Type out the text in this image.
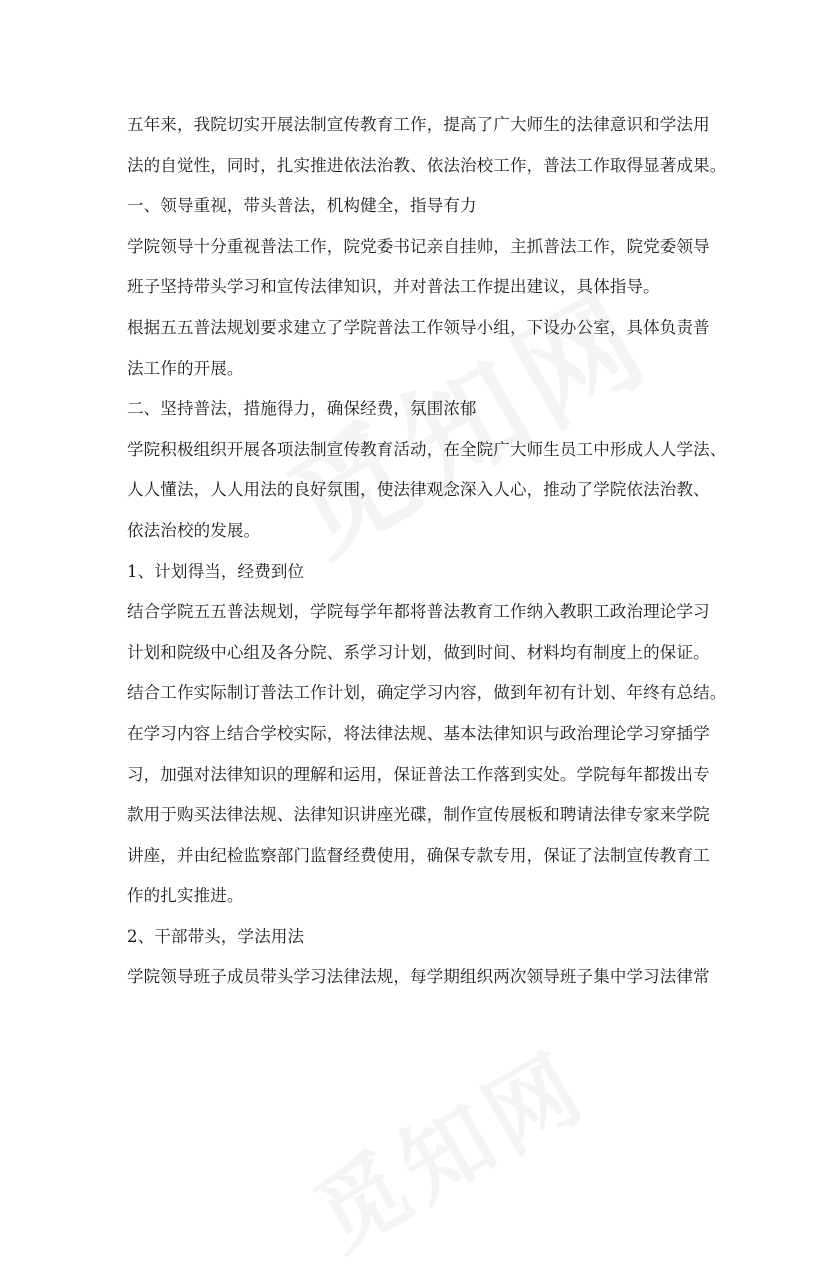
五年来，我院切实开展法制宣传教育工作，提高了广大师生的法律意识和学法用
法的自觉性，同时，扎实推进依法治教、依法治校工作，普法工作取得显著成果。
一、领导重视，带头普法，机构健全，指导有力
学院领导十分重视普法工作，院党委书记亲自挂帅，主抓普法工作，院党委领导
班子坚持带头学习和宣传法律知识，并对普法工作提出建议，具体指导。
根据五五普法规划要求建立了学院普法工作领导小组，下设办公室，具体负责普
法工作的开展。
二、坚持普法，措施得力，确保经费，氛围浓郁
学院积极组织开展各项法制宣传教育活动，在全院广大师生员工中形成人人学法、
人人懂法，人人用法的良好氛围，使法律观念深入人心，推动了学院依法治教、
依法治校的发展。
1、计划得当，经费到位
结合学院五五普法规划，学院每学年都将普法教育工作纳入教职工政治理论学习
计划和院级中心组及各分院、系学习计划，做到时间、材料均有制度上的保证。
结合工作实际制订普法工作计划，确定学习内容，做到年初有计划、年终有总结。
在学习内容上结合学校实际，将法律法规、基本法律知识与政治理论学习穿插学
习，加强对法律知识的理解和运用，保证普法工作落到实处。学院每年都拨出专
款用于购买法律法规、法律知识讲座光碟，制作宣传展板和聘请法律专家来学院
讲座，并由纪检监察部门监督经费使用，确保专款专用，保证了法制宣传教育工
作的扎实推进。
2、干部带头，学法用法
学院领导班子成员带头学习法律法规，每学期组织两次领导班子集中学习法律常
